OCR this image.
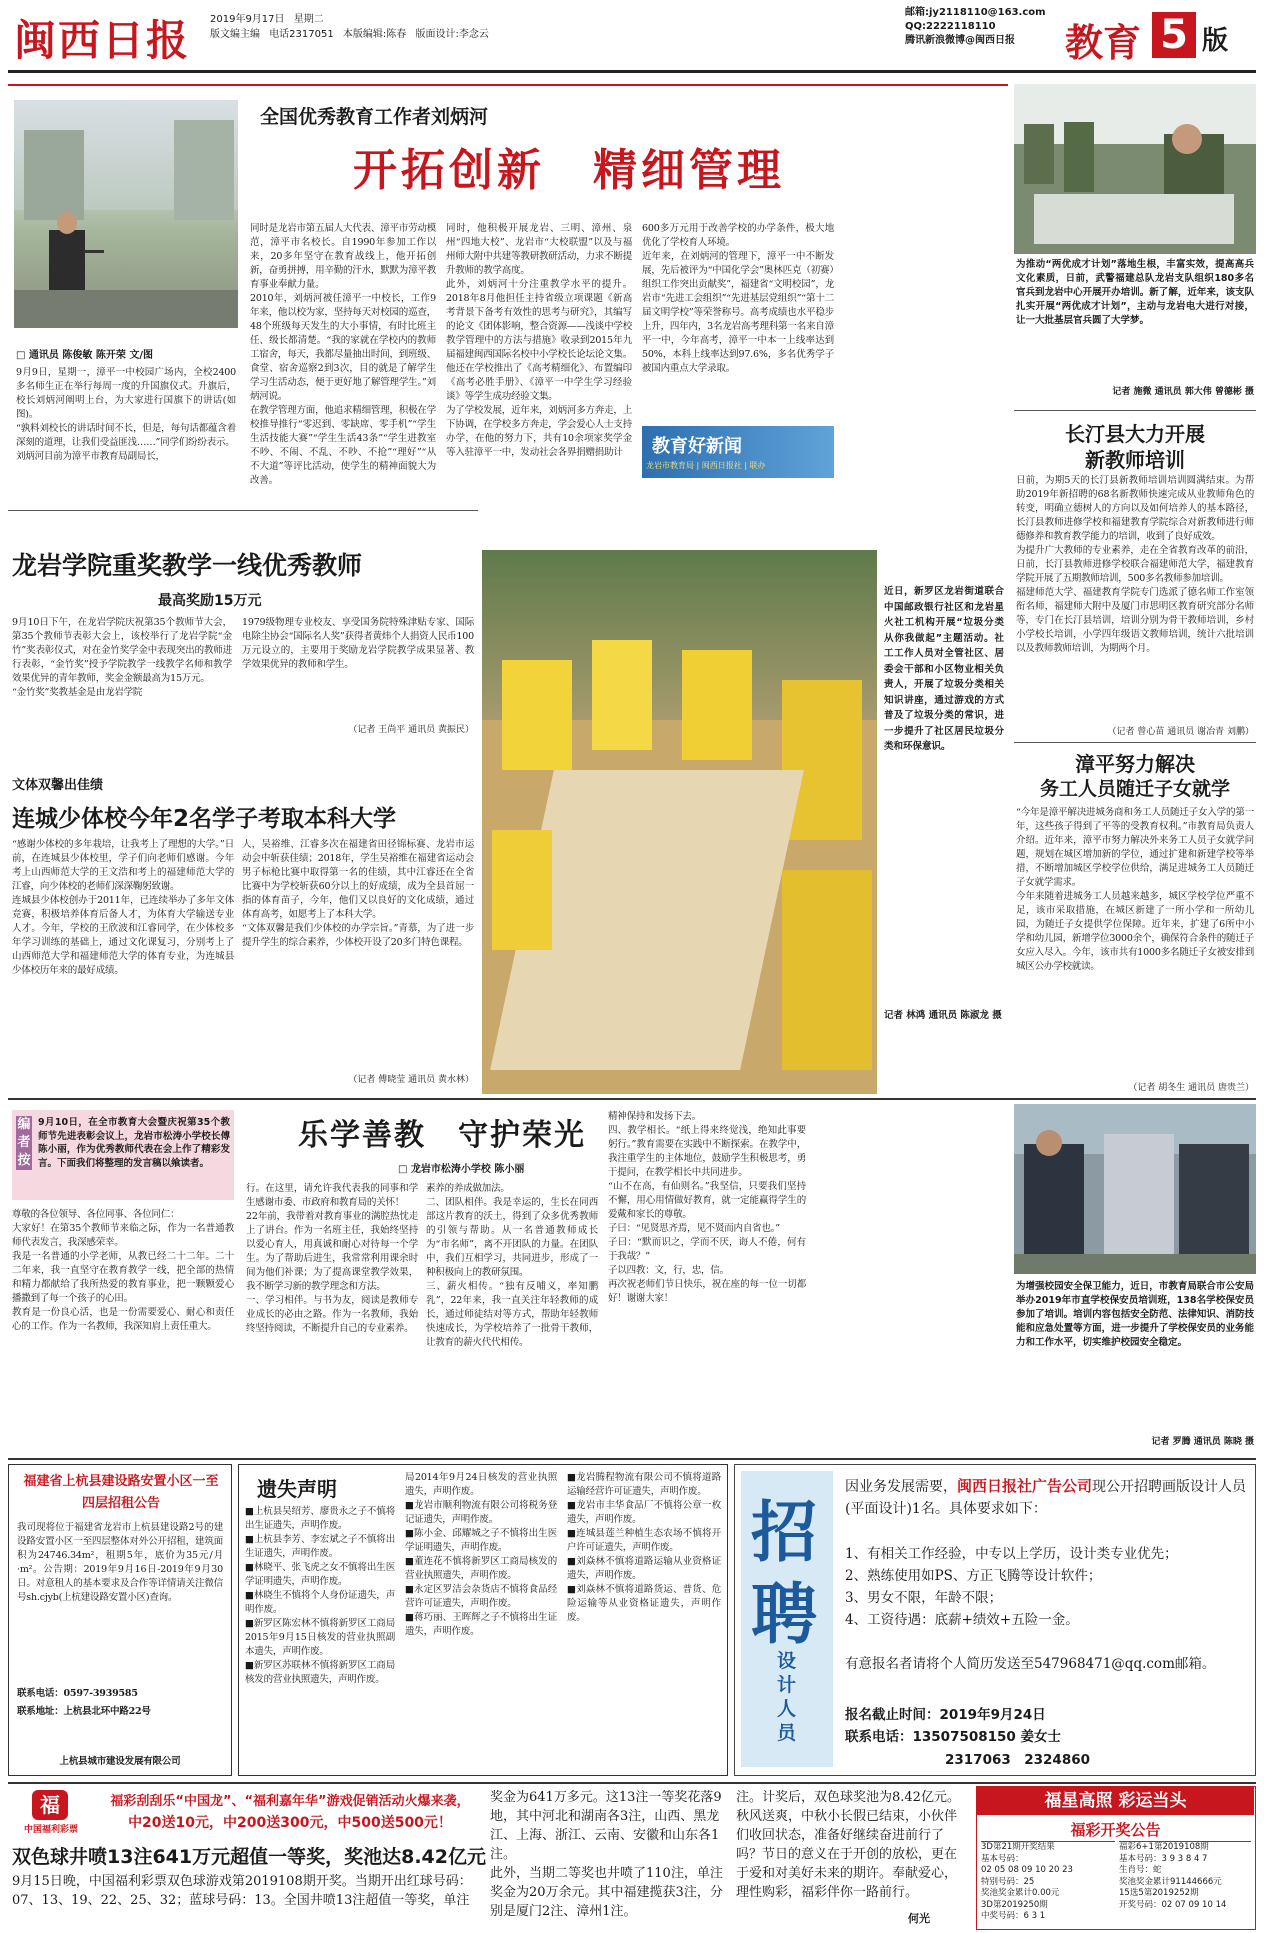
闽西日报 2019年9月17日 星期二
版文编主编 电话2317051 本版编辑:陈春 版面设计:李念云
邮箱:jy2118110@163.com
QQ:2222118110
腾讯新浪微博@闽西日报	教育 5 版
□ 通讯员 陈俊敏 陈开荣 文/图
9月9日，星期一，漳平一中校园广场内，全校2400多名师生正在举行每周一度的升国旗仪式。升旗后，校长刘炳河阐明上台，为大家进行国旗下的讲话(如图)。
“孰料刘校长的讲话时间不长，但是，每句话都蕴含着深刻的道理，让我们受益匪浅……”同学们纷纷表示。
刘炳河目前为漳平市教育局副局长，
全国优秀教育工作者刘炳河
开拓创新　精细管理
同时是龙岩市第五届人大代表、漳平市劳动模范，漳平市名校长。自1990年参加工作以来，20多年坚守在教育战线上，他开拓创新，奋勇拼搏，用辛勤的汗水，默默为漳平教育事业奉献力量。
2010年，刘炳河被任漳平一中校长，工作9年来，他以校为家，坚持每天对校园的巡查，48个班级每天发生的大小事情，有时比班主任、级长都清楚。“我的家就在学校内的教师工宿舍，每天，我都尽量抽出时间，到班级、食堂、宿舍巡察2到3次，目的就是了解学生学习生活动态，便于更好地了解管理学生。”刘炳河说。
在教学管理方面，他追求精细管理，积极在学校推导推行“零迟到、零缺席、零手机”“学生生活技能大赛”“学生生活43条”“学生进教室不吵、不闹、不乱、不吵、不抢”“理好”“从不大道”等评比活动，使学生的精神面貌大为改善。
同时，他积极开展龙岩、三明、漳州、泉州“四地大校”、龙岩市“大校联盟”以及与福州师大附中共建等教研教研活动，力求不断提升教师的教学高度。
此外，刘炳河十分注重教学水平的提升。2018年8月他担任主持省级立项课题《新高考背景下备考有效性的思考与研究》，其编写的论文《团体影响，整合资源——浅谈中学校教学管理中的方法与措施》收录到2015年九届福建闽西国际名校中小学校长论坛论文集。他还在学校推出了《高考精细化》、布置编印《高考必胜手册》、《漳平一中学生学习经验谈》等学生成功经验文集。
为了学校发展，近年来，刘炳河多方奔走，上下协调，在学校多方奔走，学会爱心人士支持办学，在他的努力下，共有10余项家奖学金等入驻漳平一中，发动社会各界捐赠捐助计
600多万元用于改善学校的办学条件，极大地优化了学校育人环境。
近年来，在刘炳河的管理下，漳平一中不断发展，先后被评为“中国化学会”奥林匹克（初赛）组织工作突出贡献奖”，福建省“文明校园”，龙岩市“先进工会组织”“先进基层党组织”“第十二届文明学校”等荣誉称号。高考成绩也水平稳步上升，四年内，3名龙岩高考理科第一名来自漳平一中，今年高考，漳平一中本一上线率达到50%，本科上线率达到97.6%，多名优秀学子被国内重点大学录取。
教育好新闻
龙岩市教育局 | 闽西日报社 | 联办
为推动“两优成才计划”落地生根，丰富实效，提高高兵文化素质，日前，武警福建总队龙岩支队组织180多名官兵到龙岩中心开展开办培训。新了解，近年来，该支队扎实开展“两优成才计划”，主动与龙岩电大进行对接，让一大批基层官兵圆了大学梦。
记者 施微 通讯员 郭大伟 曾德彬 摄
长汀县大力开展
新教师培训
日前，为期5天的长汀县新教师培训培训圆满结束。为帮助2019年新招聘的68名新教师快速完成从业教师角色的转变，明确立德树人的方向以及如何培养人的基本路径，长汀县教师进修学校和福建教育学院综合对新教师进行师德修养和教育教学能力的培训，收到了良好成效。
为提升广大教师的专业素养，走在全省教育改革的前沿，日前，长汀县教师进修学校联合福建师范大学，福建教育学院开展了五期教师培训，500多名教师参加培训。
福建师范大学、福建教育学院专门选派了德名师工作室领衔名师，福建师大附中及厦门市思明区教育研究部分名师等，专门在长汀县培训，培训分别为骨干教师培训，乡村小学校长培训，小学四年级语文教师培训，统计六批培训以及教师教师培训，为期两个月。
（记者 曾心苗 通讯员 谢冶青 刘鹏）
漳平努力解决
务工人员随迁子女就学
“今年是漳平解决进城务商和务工人员随迁子女入学的第一年，这些孩子得到了平等的受教育权利。”市教育局负责人介绍。近年来，漳平市努力解决外来务工人员子女就学问题，规划在城区增加新的学位，通过扩建和新建学校等举措，不断增加城区学校学位供给，满足进城务工人员随迁子女就学需求。
今年来随着进城务工人员越来越多，城区学校学位严重不足，该市采取措施，在城区新建了一所小学和一所幼儿园，为随迁子女提供学位保障。近年来，扩建了6所中小学和幼儿园，新增学位3000余个，确保符合条件的随迁子女应入尽入。今年，该市共有1000多名随迁子女被安排到城区公办学校就读。
（记者 胡冬生 通讯员 唐贵兰）
龙岩学院重奖教学一线优秀教师
最高奖励15万元
9月10日下午，在龙岩学院庆祝第35个教师节大会，第35个教师节表彰大会上，该校举行了龙岩学院“金竹”奖表彰仪式，对在金竹奖学金中表现突出的教师进行表彰，“金竹奖”授予学院教学一线教学名师和教学效果优异的青年教师，奖金金额最高为15万元。
“金竹奖”奖教基金是由龙岩学院
1979级物理专业校友、享受国务院特殊津贴专家、国际电除尘协会“国际名人奖”获得者黄炜个人捐资人民币100万元设立的，主要用于奖励龙岩学院教学成果显著、教学效果优异的教师和学生。
（记者 王尚平 通讯员 黄振民）
文体双馨出佳绩
连城少体校今年2名学子考取本科大学
“感谢少体校的多年栽培，让我考上了理想的大学。”日前，在连城县少体校里，学子们向老师们感谢。今年考上山西师范大学的王文浩和考上的福建师范大学的江睿，向少体校的老师们深深鞠躬致谢。
连城县少体校创办于2011年，已连续举办了多年文体竞赛，积极培养体育后备人才，为体育大学输送专业人才。今年，学校的王欣波和江睿同学，在少体校多年学习训练的基础上，通过文化课复习，分别考上了山西师范大学和福建师范大学的体育专业，为连城县少体校历年来的最好成绩。
人，吴裕维、江睿多次在福建省田径锦标赛、龙岩市运动会中斩获佳绩；2018年，学生吴裕维在福建省运动会男子标枪比赛中取得第一名的佳绩，其中江睿还在全省比赛中为学校斩获60分以上的好成绩，成为全县首屈一指的体育苗子，今年，他们又以良好的文化成绩，通过体育高考，如愿考上了本科大学。
“文体双馨是我们少体校的办学宗旨。”青慕，为了进一步提升学生的综合素养，少体校开设了20多门特色课程。
（记者 傅晓莹 通讯员 黄水林）
近日，新罗区龙岩街道联合中国邮政银行社区和龙岩星火社工机构开展“垃圾分类 从你我做起”主题活动。社工工作人员对全管社区、居委会干部和小区物业相关负责人，开展了垃圾分类相关知识讲座，通过游戏的方式普及了垃圾分类的常识，进一步提升了社区居民垃圾分类和环保意识。
记者 林鸿 通讯员 陈淑龙 摄
编者按
9月10日，在全市教育大会暨庆祝第35个教师节先进表彰会议上，龙岩市松涛小学校长傅陈小丽，作为优秀教师代表在会上作了精彩发言。下面我们将整理的发言稿以飨读者。
尊敬的各位领导、各位同事、各位同仁：
大家好！在第35个教师节来临之际，作为一名普通教师代表发言，我深感荣幸。
我是一名普通的小学老师，从教已经二十二年。二十二年来，我一直坚守在教育教学一线，把全部的热情和精力都献给了我所热爱的教育事业，把一颗颗爱心播撒到了每一个孩子的心田。
教育是一份良心活，也是一份需要爱心、耐心和责任心的工作。作为一名教师，我深知肩上责任重大。
乐学善教　守护荣光
□ 龙岩市松涛小学校 陈小丽
行。在这里，请允许我代表我的同事和学生感谢市委、市政府和教育局的关怀！
22年前，我带着对教育事业的满腔热忱走上了讲台。作为一名班主任，我始终坚持以爱心育人，用真诚和耐心对待每一个学生。为了帮助后进生，我常常利用课余时间为他们补课；为了提高课堂教学效果，我不断学习新的教学理念和方法。
一、学习相伴。与书为友，阅读是教师专业成长的必由之路。作为一名教师，我始终坚持阅读，不断提升自己的专业素养。
素养的养成做加法。
二、团队相伴。我是幸运的，生长在同西部这片教育的沃土，得到了众多优秀教师的引领与帮助。从一名普通教师成长为“市名师”，离不开团队的力量。在团队中，我们互相学习，共同进步，形成了一种积极向上的教研氛围。
三、薪火相传。“独有反哺义，率知鹏乳”，22年来，我一直关注年轻教师的成长，通过师徒结对等方式，帮助年轻教师快速成长，为学校培养了一批骨干教师，让教育的薪火代代相传。
精神保持和发扬下去。
四、教学相长。“纸上得来终觉浅，绝知此事要躬行。”教育需要在实践中不断探索。在教学中，我注重学生的主体地位，鼓励学生积极思考，勇于提问，在教学相长中共同进步。
“山不在高，有仙则名。”我坚信，只要我们坚持不懈，用心用情做好教育，就一定能赢得学生的爱戴和家长的尊敬。
子曰：“见贤思齐焉，见不贤而内自省也。”
子曰：“默而识之，学而不厌，诲人不倦，何有于我哉？”
子以四教：文，行，忠，信。
再次祝老师们节日快乐，祝在座的每一位一切都好！谢谢大家！
为增强校园安全保卫能力，近日，市教育局联合市公安局举办2019年市直学校保安员培训班，138名学校保安员参加了培训。培训内容包括安全防范、法律知识、消防技能和应急处置等方面，进一步提升了学校保安员的业务能力和工作水平，切实维护校园安全稳定。
记者 罗腾 通讯员 陈晓 摄
福建省上杭县建设路安置小区一至四层招租公告
我司现将位于福建省龙岩市上杭县建设路2号的建设路安置小区一至四层整体对外公开招租，建筑面积为24746.34m²，租期5年，底价为35元/月·m²。公告期：2019年9月16日-2019年9月30日。对意租人的基本要求及合作等详情请关注微信号sh.cjyb(上杭建设路安置小区)查询。
联系电话：0597-3939585
联系地址：上杭县北环中路22号
上杭县城市建设发展有限公司
遗失声明
■上杭县吴绍芳、廖贵永之子不慎将出生证遗失，声明作废。
■上杭县李芳、李宏斌之子不慎将出生证遗失，声明作废。
■林晓平、张飞虎之女不慎将出生医学证明遗失，声明作废。
■林晓生不慎将个人身份证遗失，声明作废。
■新罗区陈宏林不慎将新罗区工商局2015年9月15日核发的营业执照副本遗失，声明作废。
■新罗区苏联林不慎将新罗区工商局核发的营业执照遗失，声明作废。
局2014年9月24日核发的营业执照遗失，声明作废。
■龙岩市顺利物流有限公司将税务登记证遗失，声明作废。
■陈小金、邱耀城之子不慎将出生医学证明遗失，声明作废。
■董连花不慎将新罗区工商局核发的营业执照遗失，声明作废。
■永定区罗洁会杂货店不慎将食品经营许可证遗失，声明作废。
■蒋巧丽、王晖辉之子不慎将出生证遗失，声明作废。
■龙岩腾程物流有限公司不慎将道路运输经营许可证遗失，声明作废。
■龙岩市丰华食品厂不慎将公章一枚遗失，声明作废。
■连城县莲兰种植生态农场不慎将开户许可证遗失，声明作废。
■刘焱林不慎将道路运输从业资格证遗失，声明作废。
■刘焱林不慎将道路货运、普货、危险运输等从业资格证遗失，声明作废。
招
聘
设计人员
因业务发展需要，闽西日报社广告公司现公开招聘画版设计人员(平面设计)1名。具体要求如下：
1、有相关工作经验，中专以上学历，设计类专业优先；
2、熟练使用如PS、方正飞腾等设计软件；
3、男女不限，年龄不限；
4、工资待遇：底薪+绩效+五险一金。
有意报名者请将个人简历发送至547968471@qq.com邮箱。
报名截止时间：2019年9月24日
联系电话：13507508150 姜女士
2317063　2324860
福
中国福利彩票
福彩刮刮乐“中国龙”、“福利嘉年华”游戏促销活动火爆来袭，
中20送10元，中200送300元，中500送500元！
双色球井喷13注641万元超值一等奖，奖池达8.42亿元
9月15日晚，中国福利彩票双色球游戏第2019108期开奖。当期开出红球号码：07、13、19、22、25、32；蓝球号码：13。全国井喷13注超值一等奖，单注
奖金为641万多元。这13注一等奖花落9地，其中河北和湖南各3注，山西、黑龙江、上海、浙江、云南、安徽和山东各1注。
此外，当期二等奖也井喷了110注，单注奖金为20万余元。其中福建揽获3注，分别是厦门2注、漳州1注。
注。计奖后，双色球奖池为8.42亿元。
秋风送爽，中秋小长假已结束，小伙伴们收回状态，准备好继续奋进前行了吗？节日的意义在于开创的放松，更在于爱和对美好未来的期许。奉献爱心，理性购彩，福彩伴你一路前行。
何光
福星高照 彩运当头
福彩开奖公告
3D第21期开奖结果
基本号码：
02 05 08 09 10 20 23
特别号码：25
奖池奖金累计0.00元
3D第2019250期
中奖号码：6 3 1
福彩6+1第2019108期
基本号码：3 9 3 8 4 7
生肖号：蛇
奖池奖金累计91144666元
15选5第2019252期
开奖号码：02 07 09 10 14
